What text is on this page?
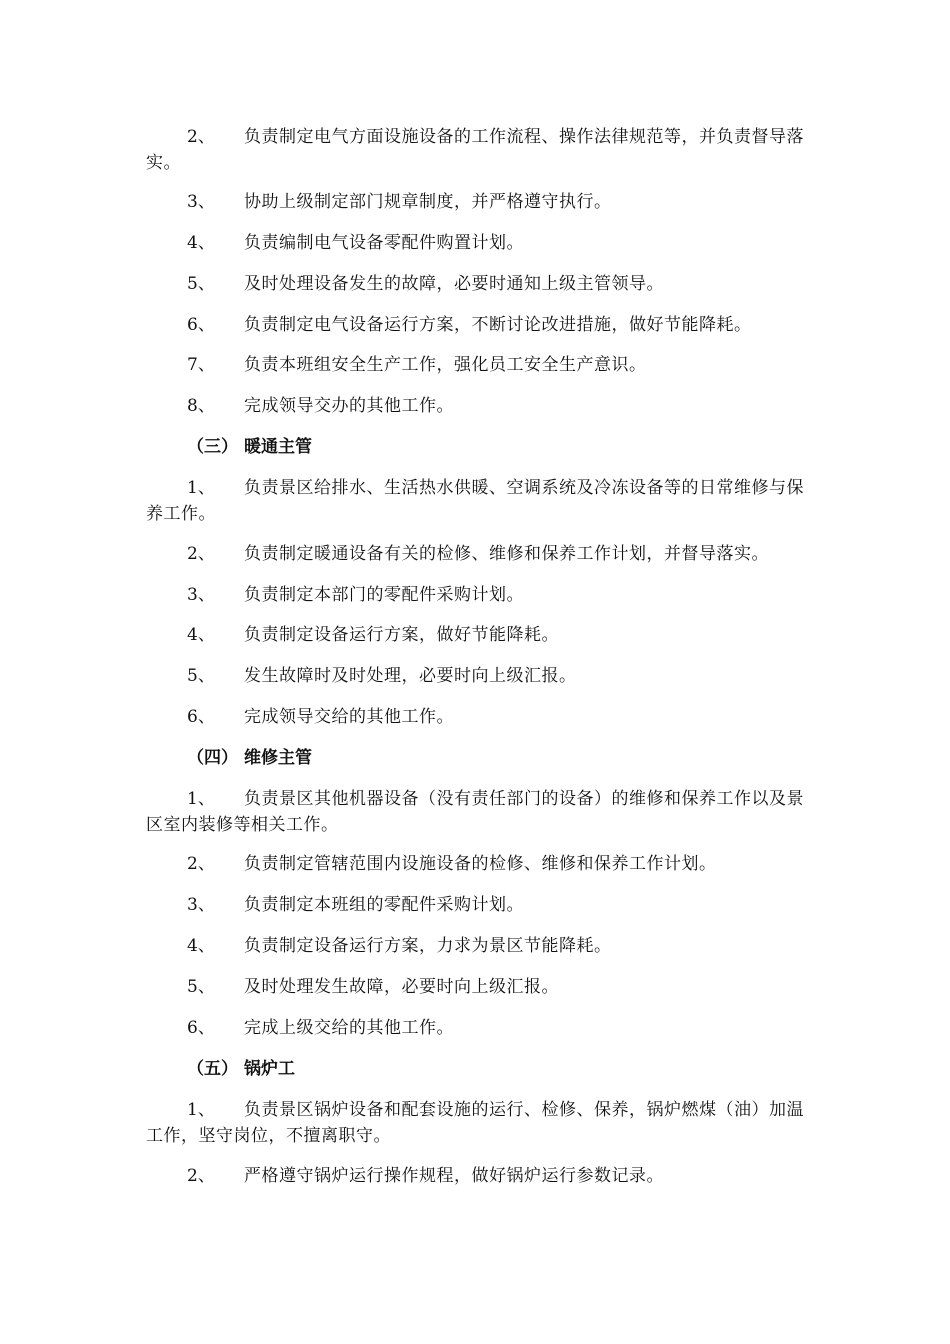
2、 负责制定电气方面设施设备的工作流程、操作法律规范等，并负责督导落实。

3、 协助上级制定部门规章制度，并严格遵守执行。

4、 负责编制电气设备零配件购置计划。

5、 及时处理设备发生的故障，必要时通知上级主管领导。

6、 负责制定电气设备运行方案，不断讨论改进措施，做好节能降耗。

7、 负责本班组安全生产工作，强化员工安全生产意识。

8、 完成领导交办的其他工作。

（三） 暖通主管

1、 负责景区给排水、生活热水供暖、空调系统及冷冻设备等的日常维修与保养工作。

2、 负责制定暖通设备有关的检修、维修和保养工作计划，并督导落实。

3、 负责制定本部门的零配件采购计划。

4、 负责制定设备运行方案，做好节能降耗。

5、 发生故障时及时处理，必要时向上级汇报。

6、 完成领导交给的其他工作。

（四） 维修主管

1、 负责景区其他机器设备（没有责任部门的设备）的维修和保养工作以及景区室内装修等相关工作。

2、 负责制定管辖范围内设施设备的检修、维修和保养工作计划。

3、 负责制定本班组的零配件采购计划。

4、 负责制定设备运行方案，力求为景区节能降耗。

5、 及时处理发生故障，必要时向上级汇报。

6、 完成上级交给的其他工作。

（五） 锅炉工

1、 负责景区锅炉设备和配套设施的运行、检修、保养，锅炉燃煤（油）加温工作，坚守岗位，不擅离职守。

2、 严格遵守锅炉运行操作规程，做好锅炉运行参数记录。
